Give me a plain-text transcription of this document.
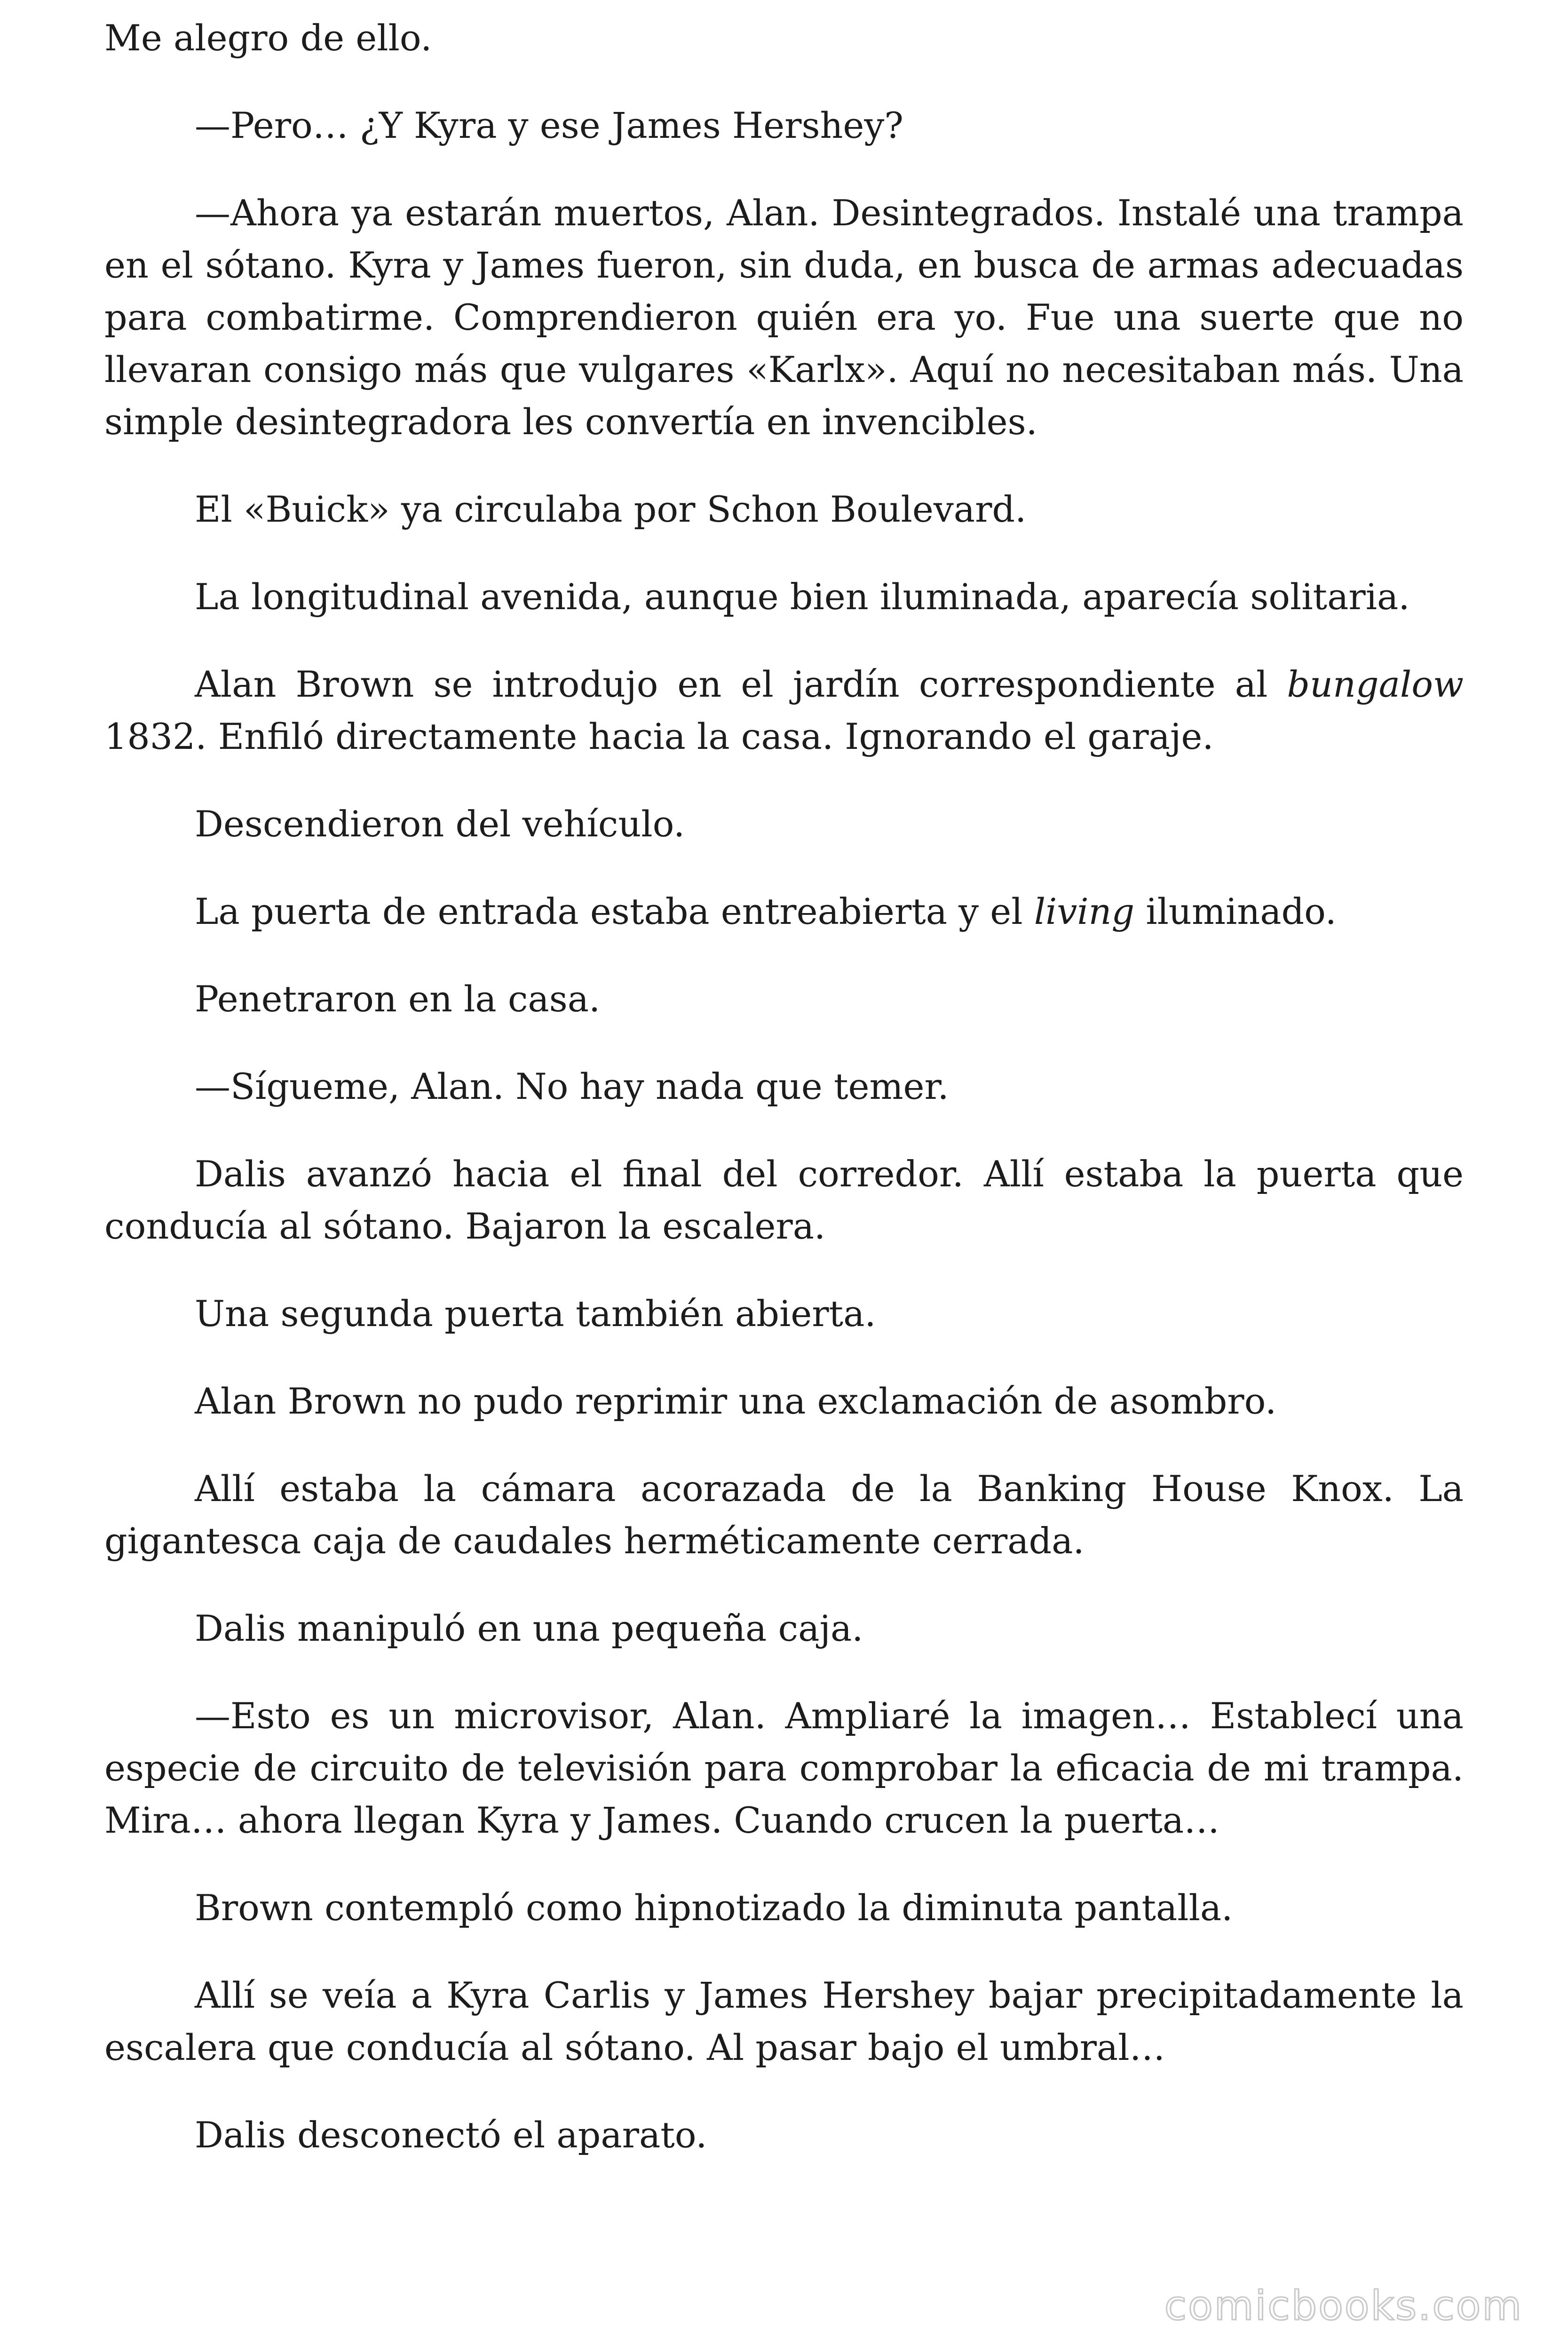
Me alegro de ello.

—Pero… ¿Y Kyra y ese James Hershey?

—Ahora ya estarán muertos, Alan. Desintegrados. Instalé una trampa en el sótano. Kyra y James fueron, sin duda, en busca de armas adecuadas para combatirme. Comprendieron quién era yo. Fue una suerte que no llevaran consigo más que vulgares «Karlx». Aquí no necesitaban más. Una simple desintegradora les convertía en invencibles.

El «Buick» ya circulaba por Schon Boulevard.

La longitudinal avenida, aunque bien iluminada, aparecía solitaria.

Alan Brown se introdujo en el jardín correspondiente al bungalow 1832. Enfiló directamente hacia la casa. Ignorando el garaje.

Descendieron del vehículo.

La puerta de entrada estaba entreabierta y el living iluminado.

Penetraron en la casa.

—Sígueme, Alan. No hay nada que temer.

Dalis avanzó hacia el final del corredor. Allí estaba la puerta que conducía al sótano. Bajaron la escalera.

Una segunda puerta también abierta.

Alan Brown no pudo reprimir una exclamación de asombro.

Allí estaba la cámara acorazada de la Banking House Knox. La gigantesca caja de caudales herméticamente cerrada.

Dalis manipuló en una pequeña caja.

—Esto es un microvisor, Alan. Ampliaré la imagen… Establecí una especie de circuito de televisión para comprobar la eficacia de mi trampa. Mira… ahora llegan Kyra y James. Cuando crucen la puerta…

Brown contempló como hipnotizado la diminuta pantalla.

Allí se veía a Kyra Carlis y James Hershey bajar precipitadamente la escalera que conducía al sótano. Al pasar bajo el umbral…

Dalis desconectó el aparato.

comicbooks.com
